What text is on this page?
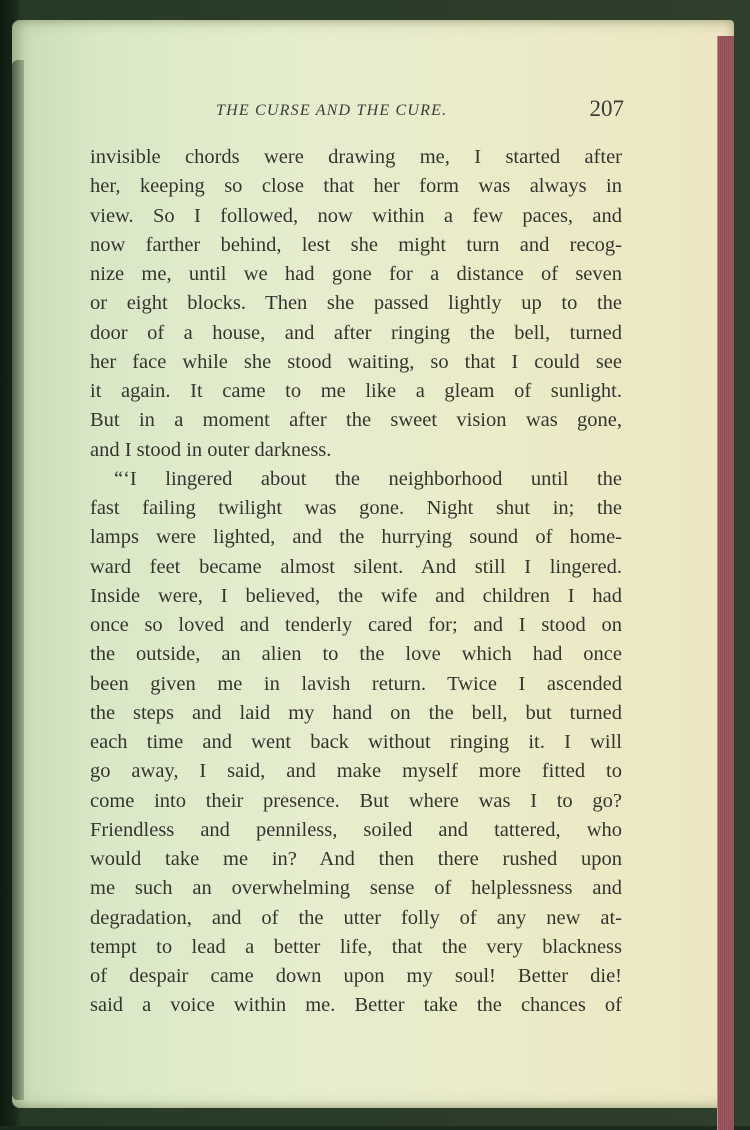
THE CURSE AND THE CURE.	207
invisible chords were drawing me, I started after
her, keeping so close that her form was always in
view. So I followed, now within a few paces, and
now farther behind, lest she might turn and recog-
nize me, until we had gone for a distance of seven
or eight blocks. Then she passed lightly up to the
door of a house, and after ringing the bell, turned
her face while she stood waiting, so that I could see
it again. It came to me like a gleam of sunlight.
But in a moment after the sweet vision was gone,
and I stood in outer darkness.
“‘I lingered about the neighborhood until the
fast failing twilight was gone. Night shut in; the
lamps were lighted, and the hurrying sound of home-
ward feet became almost silent. And still I lingered.
Inside were, I believed, the wife and children I had
once so loved and tenderly cared for; and I stood on
the outside, an alien to the love which had once
been given me in lavish return. Twice I ascended
the steps and laid my hand on the bell, but turned
each time and went back without ringing it. I will
go away, I said, and make myself more fitted to
come into their presence. But where was I to go?
Friendless and penniless, soiled and tattered, who
would take me in? And then there rushed upon
me such an overwhelming sense of helplessness and
degradation, and of the utter folly of any new at-
tempt to lead a better life, that the very blackness
of despair came down upon my soul! Better die!
said a voice within me. Better take the chances of
